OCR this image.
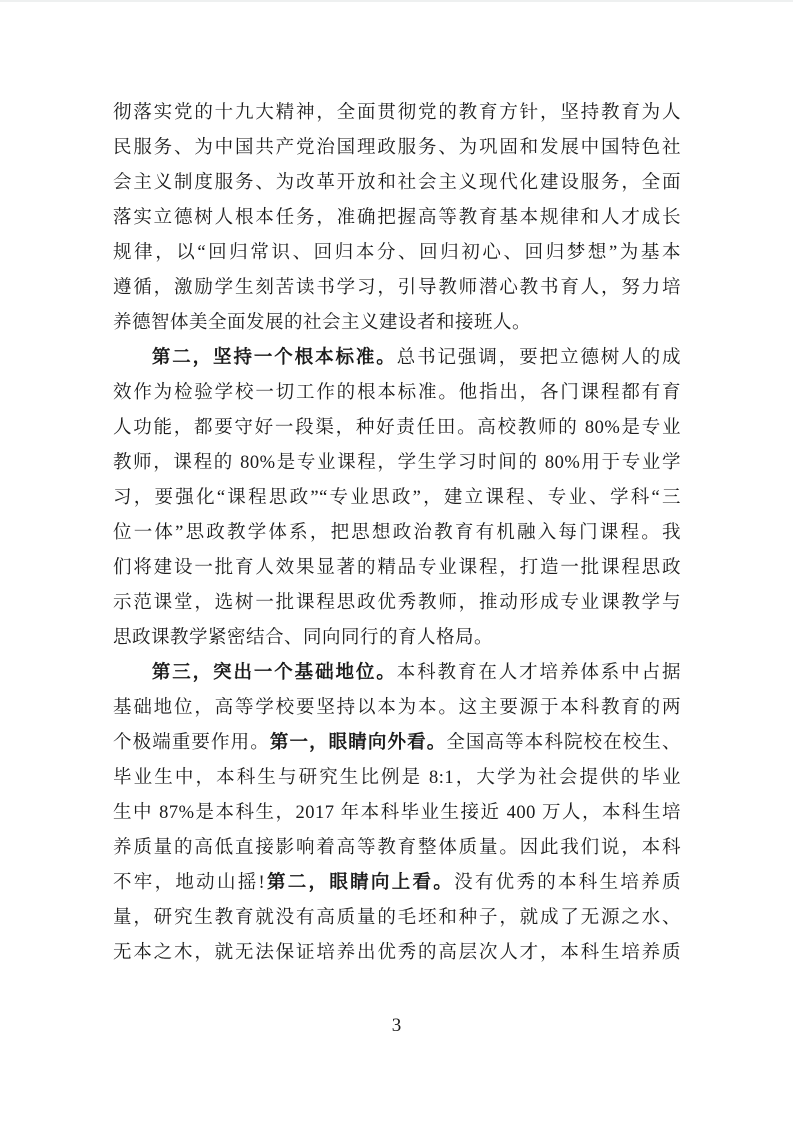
彻落实党的十九大精神，全面贯彻党的教育方针，坚持教育为人
民服务、为中国共产党治国理政服务、为巩固和发展中国特色社
会主义制度服务、为改革开放和社会主义现代化建设服务，全面
落实立德树人根本任务，准确把握高等教育基本规律和人才成长
规律，以“回归常识、回归本分、回归初心、回归梦想”为基本
遵循，激励学生刻苦读书学习，引导教师潜心教书育人，努力培
养德智体美全面发展的社会主义建设者和接班人。
第二，坚持一个根本标准。总书记强调，要把立德树人的成
效作为检验学校一切工作的根本标准。他指出，各门课程都有育
人功能，都要守好一段渠，种好责任田。高校教师的 80%是专业
教师，课程的 80%是专业课程，学生学习时间的 80%用于专业学
习，要强化“课程思政”“专业思政”，建立课程、专业、学科“三
位一体”思政教学体系，把思想政治教育有机融入每门课程。我
们将建设一批育人效果显著的精品专业课程，打造一批课程思政
示范课堂，选树一批课程思政优秀教师，推动形成专业课教学与
思政课教学紧密结合、同向同行的育人格局。
第三，突出一个基础地位。本科教育在人才培养体系中占据
基础地位，高等学校要坚持以本为本。这主要源于本科教育的两
个极端重要作用。第一，眼睛向外看。全国高等本科院校在校生、
毕业生中，本科生与研究生比例是 8:1，大学为社会提供的毕业
生中 87%是本科生，2017 年本科毕业生接近 400 万人，本科生培
养质量的高低直接影响着高等教育整体质量。因此我们说，本科
不牢，地动山摇!第二，眼睛向上看。没有优秀的本科生培养质
量，研究生教育就没有高质量的毛坯和种子，就成了无源之水、
无本之木，就无法保证培养出优秀的高层次人才，本科生培养质
3
